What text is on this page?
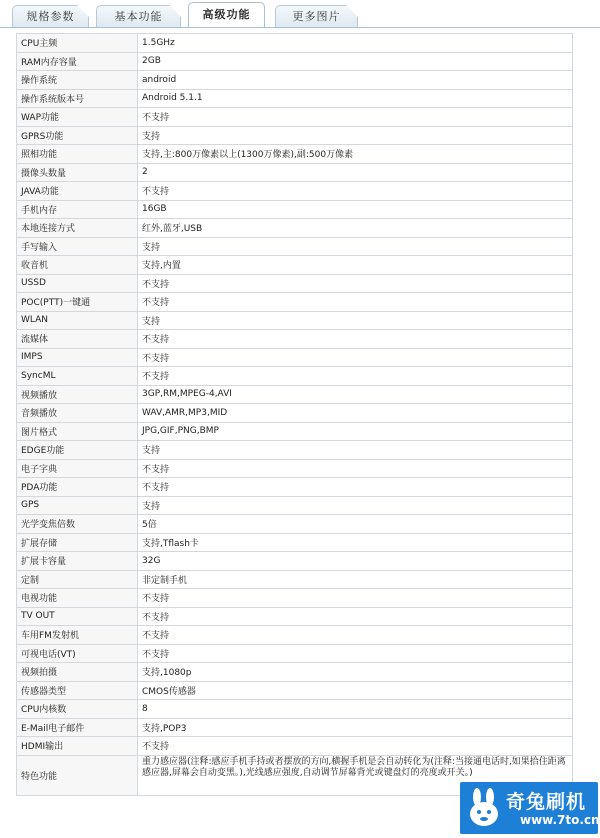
规格参数	基本功能	高级功能	更多图片
CPU主频	1.5GHz
RAM内存容量	2GB
操作系统	android
操作系统版本号	Android 5.1.1
WAP功能	不支持
GPRS功能	支持
照相功能	支持,主:800万像素以上(1300万像素),副:500万像素
摄像头数量	2
JAVA功能	不支持
手机内存	16GB
本地连接方式	红外,蓝牙,USB
手写输入	支持
收音机	支持,内置
USSD	不支持
POC(PTT)一键通	不支持
WLAN	支持
流媒体	不支持
IMPS	不支持
SyncML	不支持
视频播放	3GP,RM,MPEG-4,AVI
音频播放	WAV,AMR,MP3,MID
图片格式	JPG,GIF,PNG,BMP
EDGE功能	支持
电子字典	不支持
PDA功能	不支持
GPS	支持
光学变焦倍数	5倍
扩展存储	支持,Tflash卡
扩展卡容量	32G
定制	非定制手机
电视功能	不支持
TV OUT	不支持
车用FM发射机	不支持
可视电话(VT)	不支持
视频拍摄	支持,1080p
传感器类型	CMOS传感器
CPU内核数	8
E-Mail电子邮件	支持,POP3
HDMI输出	不支持
特色功能	重力感应器(注释:感应手机手持或者摆放的方向,横握手机是会自动转化为(注释:当接通电话时,如果拾住距离感应器,屏幕会自动变黑。),光线感应强度,自动调节屏幕背光或键盘灯的亮度或开关。)
奇兔刷机
www.7to.cn
